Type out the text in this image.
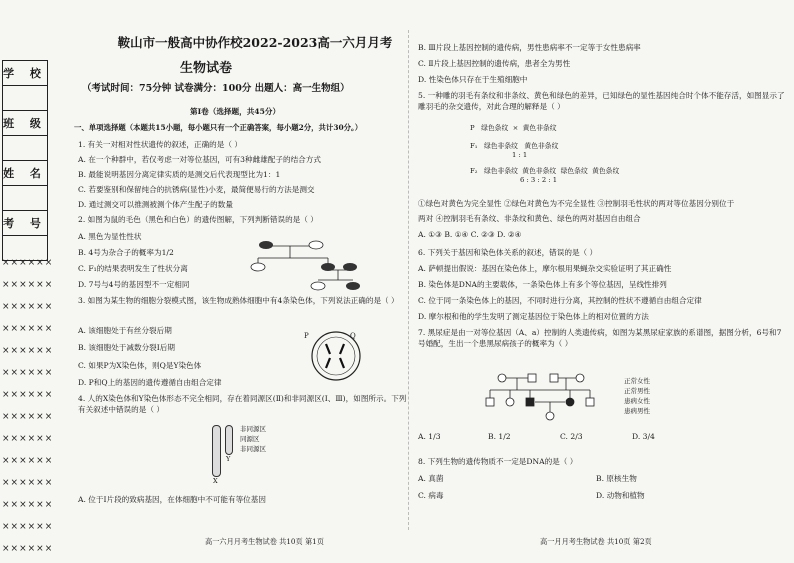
学 校

班 级

姓 名

考 号

××××××
××××××
××××××
××××××
××××××
××××××
××××××
××××××
××××××
××××××
××××××
××××××
××××××
××××××
鞍山市一般高中协作校2022-2023高一六月月考
生物试卷
（考试时间：75分钟 试卷满分：100分 出题人：高一生物组）
第Ⅰ卷（选择题，共45分）
一、单项选择题（本题共15小题，每小题只有一个正确答案，每小题2分，共计30分。）
1. 有关一对相对性状遗传的叙述，正确的是（ ）
A. 在一个种群中，若仅考虑一对等位基因，可有3种雌雄配子的结合方式
B. 最能说明基因分离定律实质的是测交后代表现型比为1：1
C. 若要鉴别和保留纯合的抗锈病(显性)小麦，最简便易行的方法是测交
D. 通过测交可以推测被测个体产生配子的数量
2. 如图为鼠的毛色（黑色和白色）的遗传图解，下列判断错误的是（ ）
A. 黑色为显性性状
B. 4号为杂合子的概率为1/2
C. F₁的结果表明发生了性状分离
D. 7号与4号的基因型不一定相同
3. 如图为某生物的细胞分裂模式图，该生物成熟体细胞中有4条染色体，下列说法正确的是（ ）
A. 该细胞处于有丝分裂后期
B. 该细胞处于减数分裂Ⅰ后期
C. 如果P为X染色体，则Q是Y染色体
D. P和Q上的基因的遗传遵循自由组合定律
4. 人的X染色体和Y染色体形态不完全相同，存在着同源区(Ⅱ)和非同源区(Ⅰ、Ⅲ)，如图所示。下列有关叙述中错误的是（ ）
A. 位于Ⅰ片段的致病基因，在体细胞中不可能有等位基因
P	Q
X
Y
非同源区
同源区
非同源区
高一六月月考生物试卷 共10页 第1页
B. Ⅲ片段上基因控制的遗传病，男性患病率不一定等于女性患病率
C. Ⅱ片段上基因控制的遗传病，患者全为男性
D. 性染色体只存在于生殖细胞中
5. 一种雕的羽毛有条纹和非条纹、黄色和绿色的差异，已知绿色的显性基因纯合时个体不能存活，如图显示了雕羽毛的杂交遗传，对此合理的解释是（ ）
P 绿色条纹 × 黄色非条纹
F₁ 绿色非条纹 黄色非条纹
1 : 1
F₂ 绿色非条纹 黄色非条纹 绿色条纹 黄色条纹
6 : 3 : 2 : 1
①绿色对黄色为完全显性 ②绿色对黄色为不完全显性 ③控制羽毛性状的两对等位基因分别位于
两对 ④控制羽毛有条纹、非条纹和黄色、绿色的两对基因自由组合
A. ①③ B. ①④ C. ②③ D. ②④
6. 下列关于基因和染色体关系的叙述，错误的是（ ）
A. 萨顿提出假说：基因在染色体上，摩尔根用果蝇杂交实验证明了其正确性
B. 染色体是DNA的主要载体，一条染色体上有多个等位基因，呈线性排列
C. 位于同一条染色体上的基因，不同时进行分离，其控制的性状不遵循自由组合定律
D. 摩尔根和他的学生发明了测定基因位于染色体上的相对位置的方法
7. 黑尿症是由一对等位基因（A、a）控制的人类遗传病，如图为某黑尿症家族的系谱图，据图分析，6号和7号婚配，生出一个患黑尿病孩子的概率为（ ）
正常女性
正常男性
患病女性
患病男性
A. 1/3	B. 1/2	C. 2/3	D. 3/4
8. 下列生物的遗传物质不一定是DNA的是（ ）
A. 真菌	B. 原核生物
C. 病毒	D. 动物和植物
高一月月考生物试卷 共10页 第2页
